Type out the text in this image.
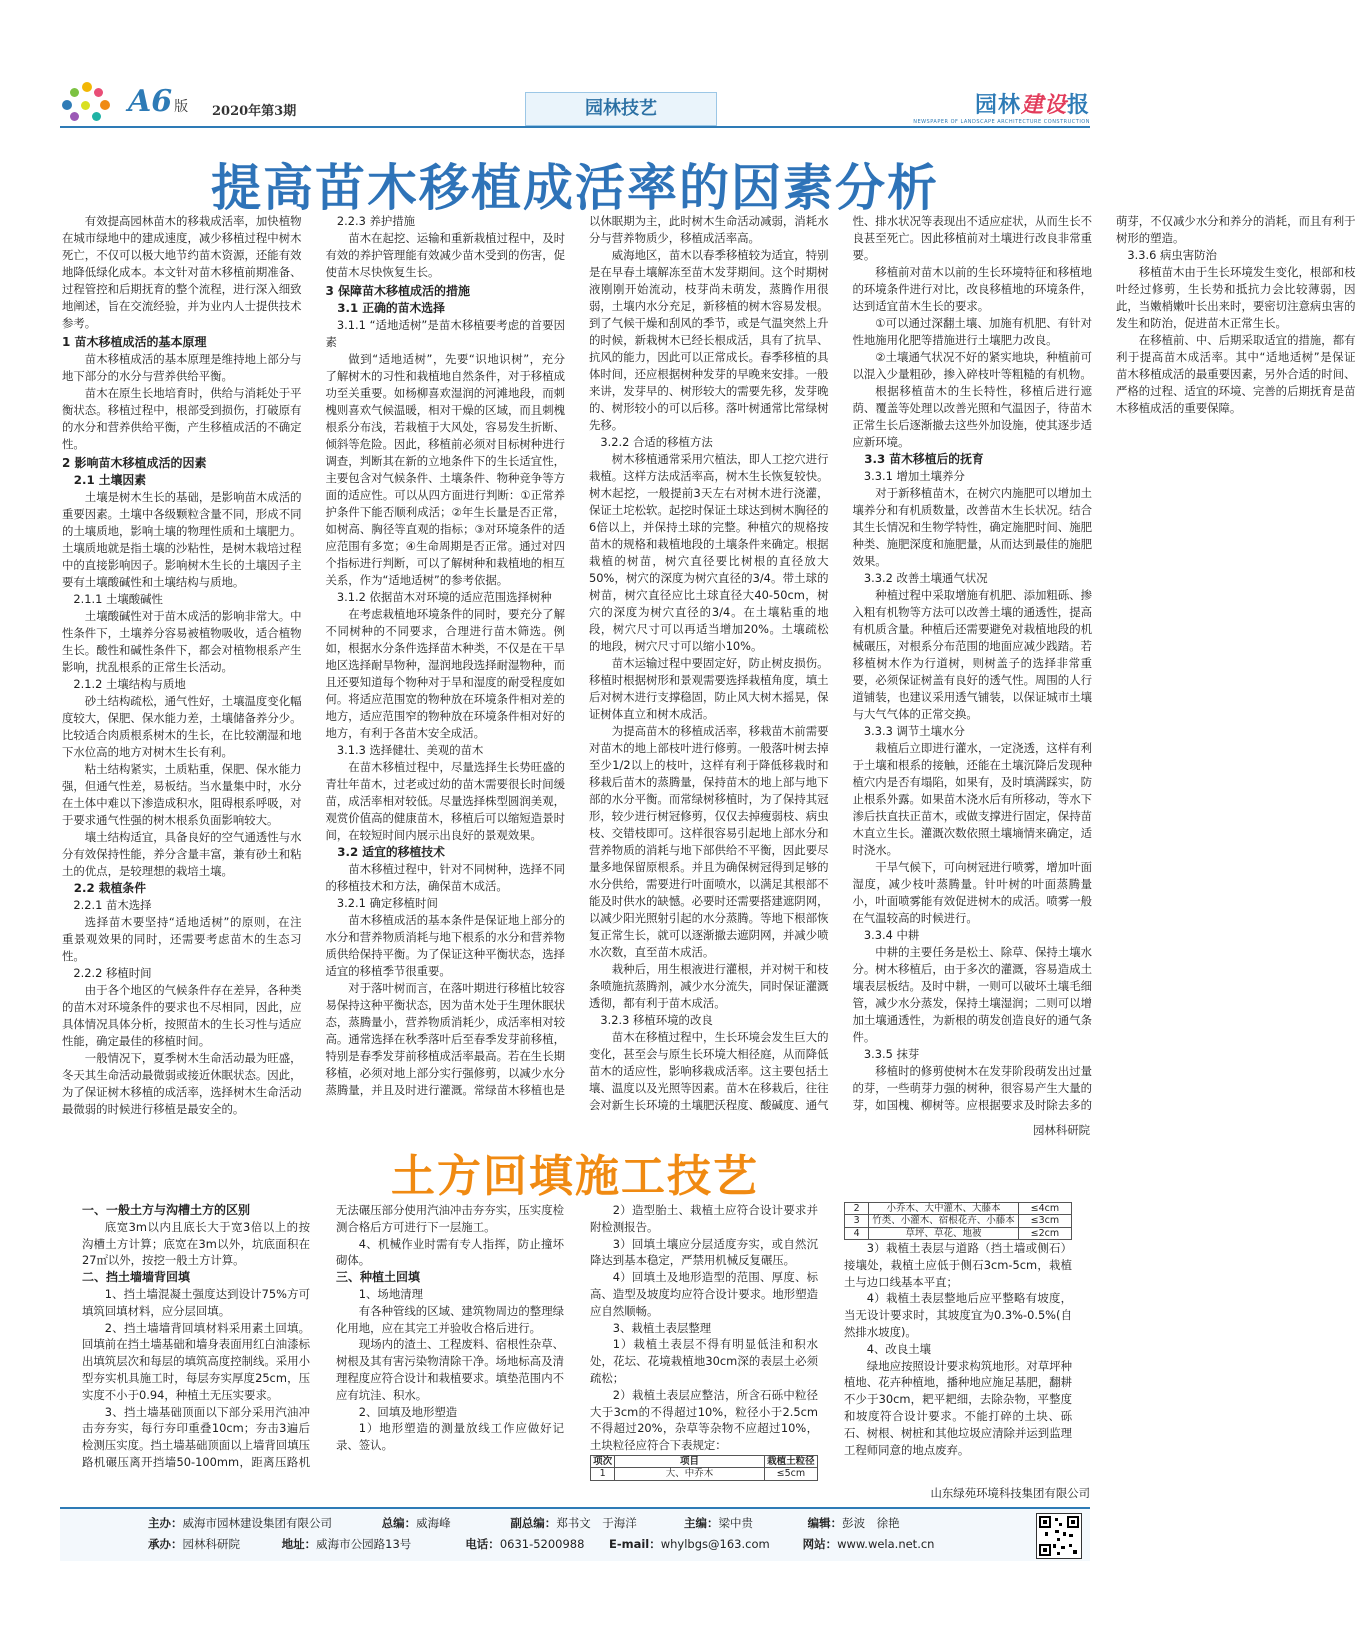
A6 版 2020年第3期	园林技艺	园林建设报
NEWSPAPER OF LANDSCAPE ARCHITECTURE CONSTRUCTION
提高苗木移植成活率的因素分析

有效提高园林苗木的移栽成活率，加快植物在城市绿地中的建成速度，减少移植过程中树木死亡，不仅可以极大地节约苗木资源，还能有效地降低绿化成本。本文针对苗木移植前期准备、过程管控和后期抚育的整个流程，进行深入细致地阐述，旨在交流经验，并为业内人士提供技术参考。

1 苗木移植成活的基本原理

苗木移植成活的基本原理是维持地上部分与地下部分的水分与营养供给平衡。

苗木在原生长地培育时，供给与消耗处于平衡状态。移植过程中，根部受到损伤，打破原有的水分和营养供给平衡，产生移植成活的不确定性。

2 影响苗木移植成活的因素
2.1 土壤因素

土壤是树木生长的基础，是影响苗木成活的重要因素。土壤中各级颗粒含量不同，形成不同的土壤质地，影响土壤的物理性质和土壤肥力。土壤质地就是指土壤的沙粘性，是树木栽培过程中的直接影响因子。影响树木生长的土壤因子主要有土壤酸碱性和土壤结构与质地。

2.1.1 土壤酸碱性

土壤酸碱性对于苗木成活的影响非常大。中性条件下，土壤养分容易被植物吸收，适合植物生长。酸性和碱性条件下，都会对植物根系产生影响，扰乱根系的正常生长活动。

2.1.2 土壤结构与质地

砂土结构疏松，通气性好，土壤温度变化幅度较大，保肥、保水能力差，土壤储备养分少。比较适合肉质根系树木的生长，在比较潮湿和地下水位高的地方对树木生长有利。

粘土结构紧实，土质粘重，保肥、保水能力强，但通气性差，易板结。当水量集中时，水分在土体中难以下渗造成积水，阻碍根系呼吸，对于要求通气性强的树木根系负面影响较大。

壤土结构适宜，具备良好的空气通透性与水分有效保持性能，养分含量丰富，兼有砂土和粘土的优点，是较理想的栽培土壤。

2.2 栽植条件
2.2.1 苗木选择

选择苗木要坚持“适地适树”的原则，在注重景观效果的同时，还需要考虑苗木的生态习性。

2.2.2 移植时间

由于各个地区的气候条件存在差异，各种类的苗木对环境条件的要求也不尽相同，因此，应具体情况具体分析，按照苗木的生长习性与适应性能，确定最佳的移植时间。

一般情况下，夏季树木生命活动最为旺盛，冬天其生命活动最微弱或接近休眠状态。因此，为了保证树木移植的成活率，选择树木生命活动最微弱的时候进行移植是最安全的。

2.2.3 养护措施

苗木在起挖、运输和重新栽植过程中，及时有效的养护管理能有效减少苗木受到的伤害，促使苗木尽快恢复生长。

3 保障苗木移植成活的措施
3.1 正确的苗木选择
3.1.1 “适地适树”是苗木移植要考虑的首要因素

做到“适地适树”，先要“识地识树”，充分了解树木的习性和栽植地自然条件，对于移植成功至关重要。如杨柳喜欢湿润的河滩地段，而刺槐则喜欢气候温暖，相对干燥的区域，而且刺槐根系分布浅，若栽植于大风处，容易发生折断、倾斜等危险。因此，移植前必须对目标树种进行调查，判断其在新的立地条件下的生长适宜性，主要包含对气候条件、土壤条件、物种竞争等方面的适应性。可以从四方面进行判断：①正常养护条件下能否顺利成活；②年生长量是否正常，如树高、胸径等直观的指标；③对环境条件的适应范围有多宽；④生命周期是否正常。通过对四个指标进行判断，可以了解树种和栽植地的相互关系，作为“适地适树”的参考依据。

3.1.2 依据苗木对环境的适应范围选择树种

在考虑栽植地环境条件的同时，要充分了解不同树种的不同要求，合理进行苗木筛选。例如，根据水分条件选择苗木种类，不仅是在干旱地区选择耐旱物种，湿润地段选择耐湿物种，而且还要知道每个物种对于旱和湿度的耐受程度如何。将适应范围宽的物种放在环境条件相对差的地方，适应范围窄的物种放在环境条件相对好的地方，有利于各苗木安全成活。

3.1.3 选择健壮、美观的苗木

在苗木移植过程中，尽量选择生长势旺盛的青壮年苗木，过老或过幼的苗木需要很长时间缓苗，成活率相对较低。尽量选择株型圆润美观，观赏价值高的健康苗木，移植后可以缩短造景时间，在较短时间内展示出良好的景观效果。

3.2 适宜的移植技术

苗木移植过程中，针对不同树种，选择不同的移植技术和方法，确保苗木成活。

3.2.1 确定移植时间

苗木移植成活的基本条件是保证地上部分的水分和营养物质消耗与地下根系的水分和营养物质供给保持平衡。为了保证这种平衡状态，选择适宜的移植季节很重要。

对于落叶树而言，在落叶期进行移植比较容易保持这种平衡状态，因为苗木处于生理休眠状态，蒸腾量小，营养物质消耗少，成活率相对较高。通常选择在秋季落叶后至春季发芽前移植，特别是春季发芽前移植成活率最高。若在生长期移植，必须对地上部分实行强修剪，以减少水分蒸腾量，并且及时进行灌溉。常绿苗木移植也是以休眠期为主，此时树木生命活动减弱，消耗水分与营养物质少，移植成活率高。

威海地区，苗木以春季移植较为适宜，特别是在早春土壤解冻至苗木发芽期间。这个时期树液刚刚开始流动，枝芽尚未萌发，蒸腾作用很弱，土壤内水分充足，新移植的树木容易发根。到了气候干燥和刮风的季节，或是气温突然上升的时候，新栽树木已经长根成活，具有了抗旱、抗风的能力，因此可以正常成长。春季移植的具体时间，还应根据树种发芽的早晚来安排。一般来讲，发芽早的、树形较大的需要先移，发芽晚的、树形较小的可以后移。落叶树通常比常绿树先移。

3.2.2 合适的移植方法

树木移植通常采用穴植法，即人工挖穴进行栽植。这样方法成活率高，树木生长恢复较快。树木起挖，一般提前3天左右对树木进行浇灌，保证土坨松软。起挖时保证土球达到树木胸径的6倍以上，并保持土球的完整。种植穴的规格按苗木的规格和栽植地段的土壤条件来确定。根据栽植的树苗，树穴直径要比树根的直径放大50%，树穴的深度为树穴直径的3/4。带土球的树苗，树穴直径应比土球直径大40-50cm，树穴的深度为树穴直径的3/4。在土壤粘重的地段，树穴尺寸可以再适当增加20%。土壤疏松的地段，树穴尺寸可以缩小10%。

苗木运输过程中要固定好，防止树皮损伤。移植时根据树形和景观需要选择栽植角度，填土后对树木进行支撑稳固，防止风大树木摇晃，保证树体直立和树木成活。

为提高苗木的移植成活率，移栽苗木前需要对苗木的地上部枝叶进行修剪。一般落叶树去掉至少1/2以上的枝叶，这样有利于降低移栽时和移栽后苗木的蒸腾量，保持苗木的地上部与地下部的水分平衡。而常绿树移植时，为了保持其冠形，较少进行树冠修剪，仅仅去掉瘦弱枝、病虫枝、交错枝即可。这样很容易引起地上部水分和营养物质的消耗与地下部供给不平衡，因此要尽量多地保留原根系。并且为确保树冠得到足够的水分供给，需要进行叶面喷水，以满足其根部不能及时供水的缺憾。必要时还需要搭建遮阴网，以减少阳光照射引起的水分蒸腾。等地下根部恢复正常生长，就可以逐渐撤去遮阴网，并减少喷水次数，直至苗木成活。

栽种后，用生根液进行灌根，并对树干和枝条喷施抗蒸腾剂，减少水分流失，同时保证灌溉透彻，都有利于苗木成活。

3.2.3 移植环境的改良

苗木在移植过程中，生长环境会发生巨大的变化，甚至会与原生长环境大相径庭，从而降低苗木的适应性，影响移栽成活率。这主要包括土壤、温度以及光照等因素。苗木在移栽后，往往会对新生长环境的土壤肥沃程度、酸碱度、通气性、排水状况等表现出不适应症状，从而生长不良甚至死亡。因此移植前对土壤进行改良非常重要。

移植前对苗木以前的生长环境特征和移植地的环境条件进行对比，改良移植地的环境条件，达到适宜苗木生长的要求。

①可以通过深翻土壤、加施有机肥、有针对性地施用化肥等措施进行土壤肥力改良。

②土壤通气状况不好的紧实地块，种植前可以混入少量粗砂，掺入碎枝叶等粗糙的有机物。

根据移植苗木的生长特性，移植后进行遮荫、覆盖等处理以改善光照和气温因子，待苗木正常生长后逐渐撤去这些外加设施，使其逐步适应新环境。

3.3 苗木移植后的抚育
3.3.1 增加土壤养分

对于新移植苗木，在树穴内施肥可以增加土壤养分和有机质数量，改善苗木生长状况。结合其生长情况和生物学特性，确定施肥时间、施肥种类、施肥深度和施肥量，从而达到最佳的施肥效果。

3.3.2 改善土壤通气状况

种植过程中采取增施有机肥、添加粗砾、掺入粗有机物等方法可以改善土壤的通透性，提高有机质含量。种植后还需要避免对栽植地段的机械碾压，对根系分布范围的地面应减少践踏。若移植树木作为行道树，则树盖子的选择非常重要，必须保证树盖有良好的透气性。周围的人行道铺装，也建议采用透气铺装，以保证城市土壤与大气气体的正常交换。

3.3.3 调节土壤水分

栽植后立即进行灌水，一定浇透，这样有利于土壤和根系的接触，还能在土壤沉降后发现种植穴内是否有塌陷，如果有，及时填满踩实，防止根系外露。如果苗木浇水后有所移动，等水下渗后扶直扶正苗木，或做支撑进行固定，保持苗木直立生长。灌溉次数依照土壤墒情来确定，适时浇水。

干旱气候下，可向树冠进行喷雾，增加叶面湿度，减少枝叶蒸腾量。针叶树的叶面蒸腾量小，叶面喷雾能有效促进树木的成活。喷雾一般在气温较高的时候进行。

3.3.4 中耕

中耕的主要任务是松土、除草、保持土壤水分。树木移植后，由于多次的灌溉，容易造成土壤表层板结。及时中耕，一则可以破坏土壤毛细管，减少水分蒸发，保持土壤湿润；二则可以增加土壤通透性，为新根的萌发创造良好的通气条件。

3.3.5 抹芽

移植时的修剪使树木在发芽阶段萌发出过量的芽，一些萌芽力强的树种，很容易产生大量的芽，如国槐、柳树等。应根据要求及时除去多的萌芽，不仅减少水分和养分的消耗，而且有利于树形的塑造。

3.3.6 病虫害防治

移植苗木由于生长环境发生变化，根部和枝叶经过修剪，生长势和抵抗力会比较薄弱，因此，当嫩梢嫩叶长出来时，要密切注意病虫害的发生和防治，促进苗木正常生长。

在移植前、中、后期采取适宜的措施，都有利于提高苗木成活率。其中“适地适树”是保证苗木移植成活的最重要因素，另外合适的时间、严格的过程、适宜的环境、完善的后期抚育是苗木移植成活的重要保障。

园林科研院
土方回填施工技艺
一、一般土方与沟槽土方的区别

底宽3m以内且底长大于宽3倍以上的按沟槽土方计算；底宽在3m以外，坑底面积在27㎡以外，按挖一般土方计算。

二、挡土墙墙背回填

1、挡土墙混凝土强度达到设计75%方可填筑回填材料，应分层回填。

2、挡土墙墙背回填材料采用素土回填。回填前在挡土墙基础和墙身表面用红白油漆标出填筑层次和每层的填筑高度控制线。采用小型夯实机具施工时，每层夯实厚度25cm，压实度不小于0.94，种植土无压实要求。

3、挡土墙基础顶面以下部分采用汽油冲击夯夯实，每行夯印重叠10cm；夯击3遍后检测压实度。挡土墙基础顶面以上墙背回填压路机碾压离开挡墙50-100mm，距离压路机无法碾压部分使用汽油冲击夯夯实，压实度检测合格后方可进行下一层施工。

4、机械作业时需有专人指挥，防止撞坏砌体。

三、种植土回填

1、场地清理

有各种管线的区域、建筑物周边的整理绿化用地，应在其完工并验收合格后进行。

现场内的渣土、工程废料、宿根性杂草、树根及其有害污染物清除干净。场地标高及清理程度应符合设计和栽植要求。填垫范围内不应有坑洼、积水。

2、回填及地形塑造

1）地形塑造的测量放线工作应做好记录、签认。

2）造型胎土、栽植土应符合设计要求并附检测报告。

3）回填土壤应分层适度夯实，或自然沉降达到基本稳定，严禁用机械反复碾压。

4）回填土及地形造型的范围、厚度、标高、造型及坡度均应符合设计要求。地形塑造应自然顺畅。

3、栽植土表层整理

1）栽植土表层不得有明显低洼和积水处，花坛、花境栽植地30cm深的表层土必须疏松；

2）栽植土表层应整洁，所含石砾中粒径大于3cm的不得超过10%，粒径小于2.5cm不得超过20%，杂草等杂物不应超过10%，土块粒径应符合下表规定：

项次	项目	栽植土粒径
1	大、中乔木	≤5cm
2	小乔木、大中灌木、大藤本	≤4cm
3	竹类、小灌木、宿根花卉、小藤本	≤3cm
4	草坪、草花、地被	≤2cm

3）栽植土表层与道路（挡土墙或侧石）接壤处，栽植土应低于侧石3cm-5cm，栽植土与边口线基本平直；

4）栽植土表层整地后应平整略有坡度，当无设计要求时，其坡度宜为0.3%-0.5%(自然排水坡度)。

4、改良土壤

绿地应按照设计要求构筑地形。对草坪种植地、花卉种植地，播种地应施足基肥，翻耕不少于30cm，耙平耙细，去除杂物，平整度和坡度符合设计要求。不能打碎的土块、砾石、树根、树桩和其他垃圾应清除并运到监理工程师同意的地点废弃。

山东绿苑环境科技集团有限公司
主办：威海市园林建设集团有限公司	总编：威海峰	副总编：郑书文　于海洋	主编：梁中贵	编辑：彭波　徐艳
承办：园林科研院	地址：威海市公园路13号	电话：0631-5200988 E-mail：whylbgs@163.com	网站：www.wela.net.cn
